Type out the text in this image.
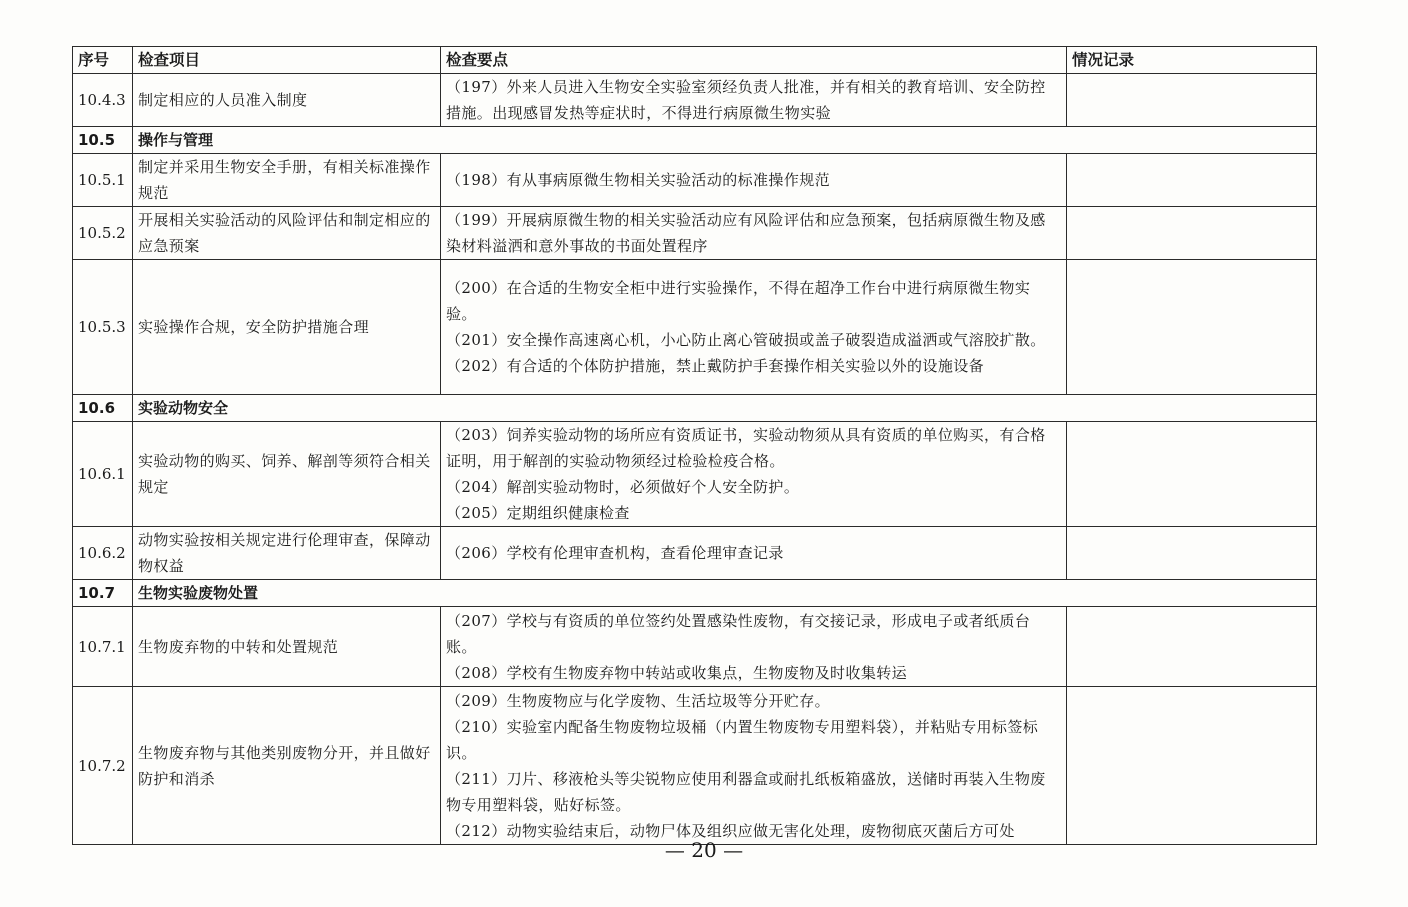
序号	检查项目	检查要点	情况记录
10.4.3	制定相应的人员准入制度	（197）外来人员进入生物安全实验室须经负责人批准，并有相关的教育培训、安全防控措施。出现感冒发热等症状时，不得进行病原微生物实验	

10.5	操作与管理		
10.5.1	制定并采用生物安全手册，有相关标准操作规范	（198）有从事病原微生物相关实验活动的标准操作规范	

10.5.2	开展相关实验活动的风险评估和制定相应的应急预案	（199）开展病原微生物的相关实验活动应有风险评估和应急预案，包括病原微生物及感染材料溢洒和意外事故的书面处置程序	

10.5.3	实验操作合规，安全防护措施合理	（200）在合适的生物安全柜中进行实验操作，不得在超净工作台中进行病原微生物实验。
（201）安全操作高速离心机，小心防止离心管破损或盖子破裂造成溢洒或气溶胶扩散。
（202）有合适的个体防护措施，禁止戴防护手套操作相关实验以外的设施设备	

10.6	实验动物安全		
10.6.1	实验动物的购买、饲养、解剖等须符合相关规定	（203）饲养实验动物的场所应有资质证书，实验动物须从具有资质的单位购买，有合格证明，用于解剖的实验动物须经过检验检疫合格。
（204）解剖实验动物时，必须做好个人安全防护。
（205）定期组织健康检查	

10.6.2	动物实验按相关规定进行伦理审查，保障动物权益	（206）学校有伦理审查机构，查看伦理审查记录	

10.7	生物实验废物处置		
10.7.1	生物废弃物的中转和处置规范	（207）学校与有资质的单位签约处置感染性废物，有交接记录，形成电子或者纸质台账。
（208）学校有生物废弃物中转站或收集点，生物废物及时收集转运	

10.7.2	生物废弃物与其他类别废物分开，并且做好防护和消杀	（209）生物废物应与化学废物、生活垃圾等分开贮存。
（210）实验室内配备生物废物垃圾桶（内置生物废物专用塑料袋），并粘贴专用标签标识。
（211）刀片、移液枪头等尖锐物应使用利器盒或耐扎纸板箱盛放，送储时再装入生物废物专用塑料袋，贴好标签。
（212）动物实验结束后，动物尸体及组织应做无害化处理，废物彻底灭菌后方可处	

— 20 —
